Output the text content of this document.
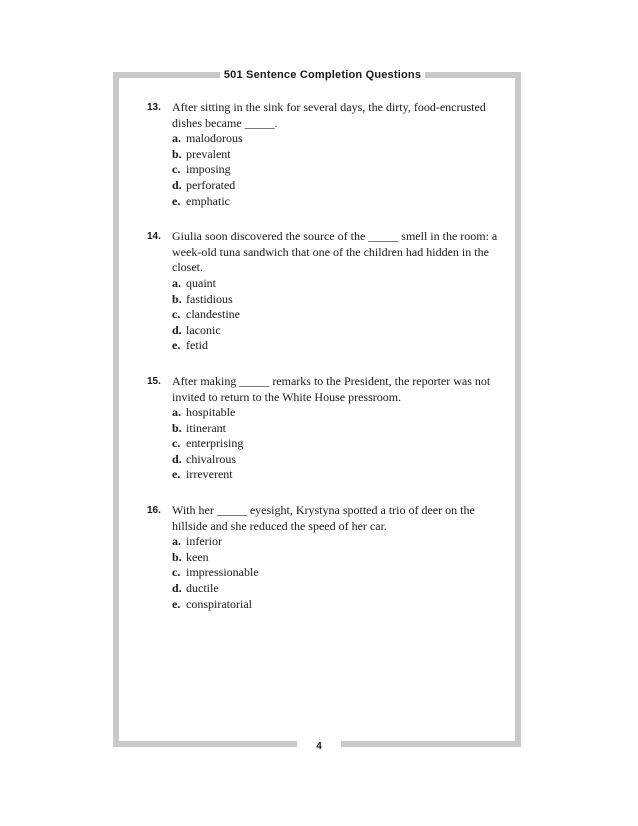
501 Sentence Completion Questions
13. After sitting in the sink for several days, the dirty, food-encrusted dishes became _____.
a. malodorous
b. prevalent
c. imposing
d. perforated
e. emphatic
14. Giulia soon discovered the source of the _____ smell in the room: a week-old tuna sandwich that one of the children had hidden in the closet.
a. quaint
b. fastidious
c. clandestine
d. laconic
e. fetid
15. After making _____ remarks to the President, the reporter was not invited to return to the White House pressroom.
a. hospitable
b. itinerant
c. enterprising
d. chivalrous
e. irreverent
16. With her _____ eyesight, Krystyna spotted a trio of deer on the hillside and she reduced the speed of her car.
a. inferior
b. keen
c. impressionable
d. ductile
e. conspiratorial
4
